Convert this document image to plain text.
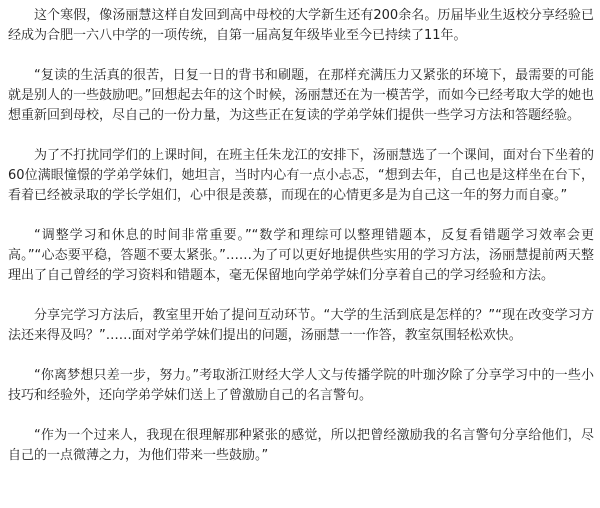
这个寒假，像汤丽慧这样自发回到高中母校的大学新生还有200余名。历届毕业生返校分享经验已经成为合肥一六八中学的一项传统，自第一届高复年级毕业至今已持续了11年。

“复读的生活真的很苦，日复一日的背书和刷题，在那样充满压力又紧张的环境下，最需要的可能就是别人的一些鼓励吧。”回想起去年的这个时候，汤丽慧还在为一模苦学，而如今已经考取大学的她也想重新回到母校，尽自己的一份力量，为这些正在复读的学弟学妹们提供一些学习方法和答题经验。

为了不打扰同学们的上课时间，在班主任朱龙江的安排下，汤丽慧选了一个课间，面对台下坐着的60位满眼憧憬的学弟学妹们，她坦言，当时内心有一点小忐忑，“想到去年，自己也是这样坐在台下，看着已经被录取的学长学姐们，心中很是羡慕，而现在的心情更多是为自己这一年的努力而自豪。”

“调整学习和休息的时间非常重要。”“数学和理综可以整理错题本，反复看错题学习效率会更高。”“心态要平稳，答题不要太紧张。”……为了可以更好地提供些实用的学习方法，汤丽慧提前两天整理出了自己曾经的学习资料和错题本，毫无保留地向学弟学妹们分享着自己的学习经验和方法。

分享完学习方法后，教室里开始了提问互动环节。“大学的生活到底是怎样的？”“现在改变学习方法还来得及吗？”……面对学弟学妹们提出的问题，汤丽慧一一作答，教室氛围轻松欢快。

“你离梦想只差一步，努力。”考取浙江财经大学人文与传播学院的叶珈汐除了分享学习中的一些小技巧和经验外，还向学弟学妹们送上了曾激励自己的名言警句。

“作为一个过来人，我现在很理解那种紧张的感觉，所以把曾经激励我的名言警句分享给他们，尽自己的一点微薄之力，为他们带来一些鼓励。”
